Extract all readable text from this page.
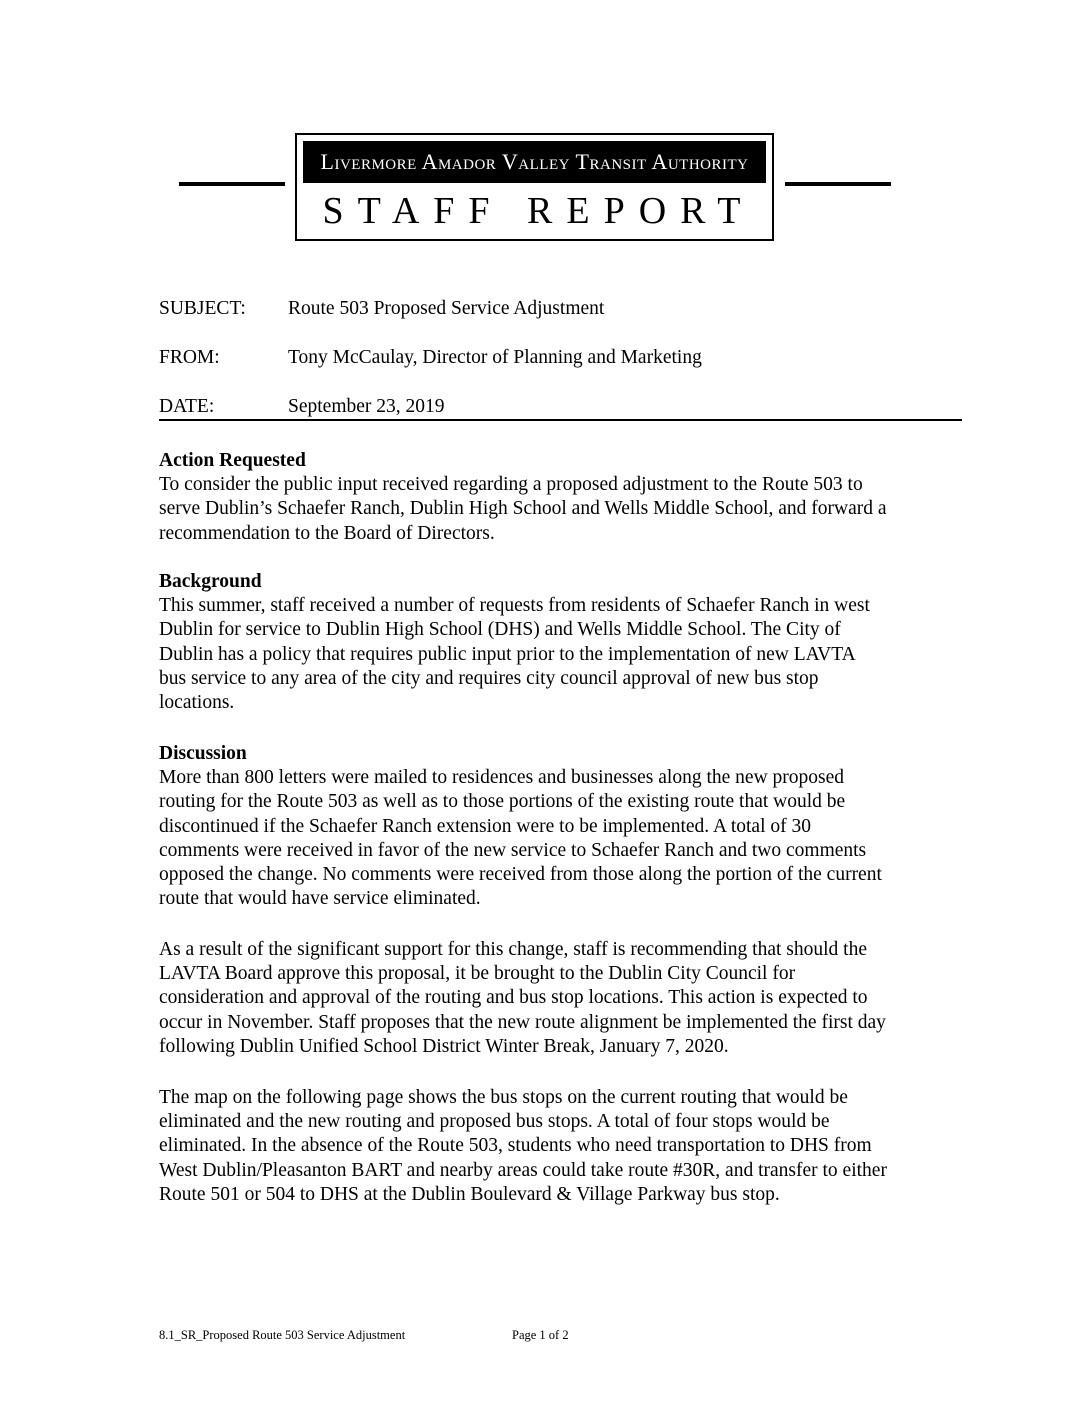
Livermore Amador Valley Transit Authority
STAFF REPORT
SUBJECT: Route 503 Proposed Service Adjustment
FROM:	Tony McCaulay, Director of Planning and Marketing
DATE:	September 23, 2019
Action Requested

To consider the public input received regarding a proposed adjustment to the Route 503 to
serve Dublin’s Schaefer Ranch, Dublin High School and Wells Middle School, and forward a
recommendation to the Board of Directors.

Background

This summer, staff received a number of requests from residents of Schaefer Ranch in west
Dublin for service to Dublin High School (DHS) and Wells Middle School. The City of
Dublin has a policy that requires public input prior to the implementation of new LAVTA
bus service to any area of the city and requires city council approval of new bus stop
locations.

Discussion

More than 800 letters were mailed to residences and businesses along the new proposed
routing for the Route 503 as well as to those portions of the existing route that would be
discontinued if the Schaefer Ranch extension were to be implemented. A total of 30
comments were received in favor of the new service to Schaefer Ranch and two comments
opposed the change. No comments were received from those along the portion of the current
route that would have service eliminated.

As a result of the significant support for this change, staff is recommending that should the
LAVTA Board approve this proposal, it be brought to the Dublin City Council for
consideration and approval of the routing and bus stop locations. This action is expected to
occur in November. Staff proposes that the new route alignment be implemented the first day
following Dublin Unified School District Winter Break, January 7, 2020.

The map on the following page shows the bus stops on the current routing that would be
eliminated and the new routing and proposed bus stops. A total of four stops would be
eliminated. In the absence of the Route 503, students who need transportation to DHS from
West Dublin/Pleasanton BART and nearby areas could take route #30R, and transfer to either
Route 501 or 504 to DHS at the Dublin Boulevard & Village Parkway bus stop.

8.1_SR_Proposed Route 503 Service Adjustment	Page 1 of 2
